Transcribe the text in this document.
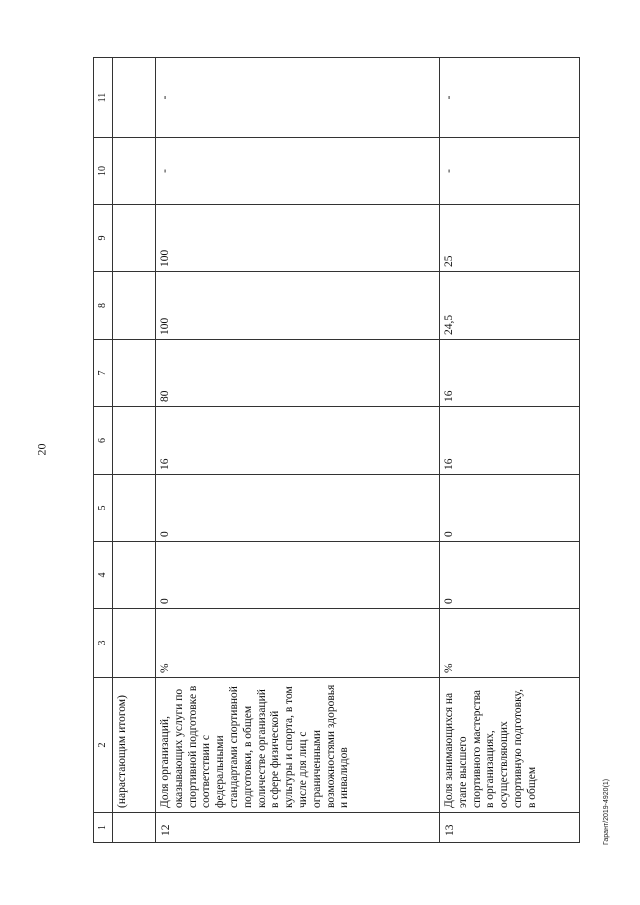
20
Гарант/2019-4920(1)
1	2	3	4	5	6	7	8	9	10	11
	(нарастающим итогом)									
12	Доля организаций, оказывающих услуги по спортивной подготовке в соответствии с федеральными стандартами спортивной подготовки, в общем количестве организаций в сфере физической культуры и спорта, в том числе для лиц с ограниченными возможностями здоровья и инвалидов	%	0	0	16	80	100	100	-	-
13	Доля занимающихся на этапе высшего спортивного мастерства в организациях, осуществляющих спортивную подготовку, в общем	%	0	0	16	16	24,5	25	-	-
